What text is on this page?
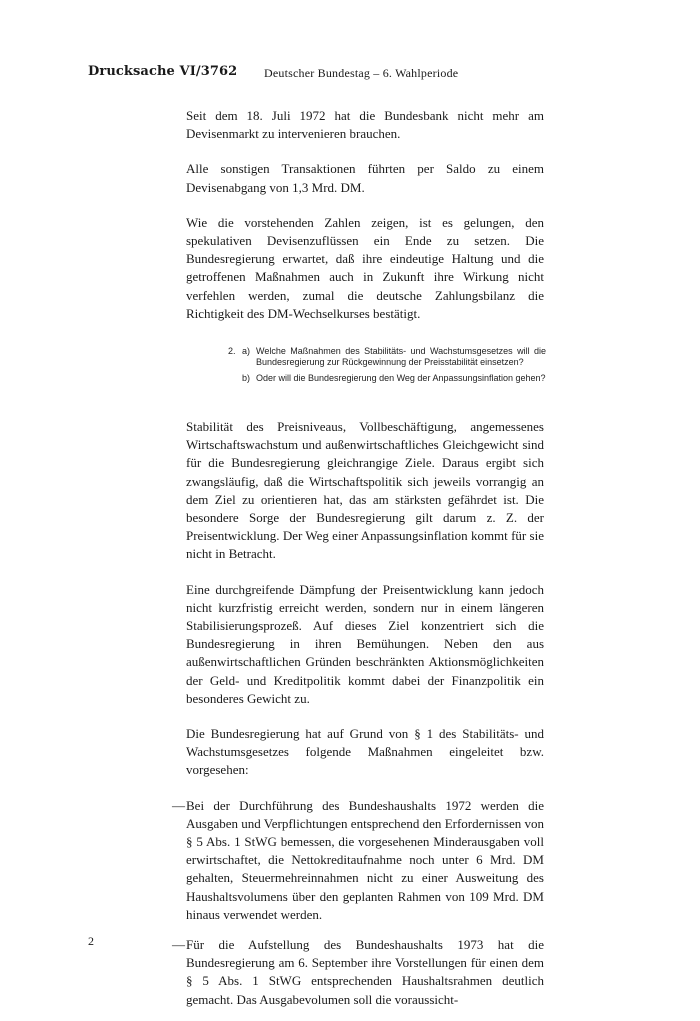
Drucksache VI/3762 Deutscher Bundestag – 6. Wahlperiode

Seit dem 18. Juli 1972 hat die Bundesbank nicht mehr am Devisenmarkt zu intervenieren brauchen.

Alle sonstigen Transaktionen führten per Saldo zu einem Devisenabgang von 1,3 Mrd. DM.

Wie die vorstehenden Zahlen zeigen, ist es gelungen, den spekulativen Devisenzuflüssen ein Ende zu setzen. Die Bundesregierung erwartet, daß ihre eindeutige Haltung und die getroffenen Maßnahmen auch in Zukunft ihre Wirkung nicht verfehlen werden, zumal die deutsche Zahlungsbilanz die Richtigkeit des DM-Wechselkurses bestätigt.

2. a) Welche Maßnahmen des Stabilitäts- und Wachstumsgesetzes will die Bundesregierung zur Rückgewinnung der Preisstabilität einsetzen?
b) Oder will die Bundesregierung den Weg der Anpassungsinflation gehen?

Stabilität des Preisniveaus, Vollbeschäftigung, angemessenes Wirtschaftswachstum und außenwirtschaftliches Gleichgewicht sind für die Bundesregierung gleichrangige Ziele. Daraus ergibt sich zwangsläufig, daß die Wirtschaftspolitik sich jeweils vorrangig an dem Ziel zu orientieren hat, das am stärksten gefährdet ist. Die besondere Sorge der Bundesregierung gilt darum z. Z. der Preisentwicklung. Der Weg einer Anpassungsinflation kommt für sie nicht in Betracht.

Eine durchgreifende Dämpfung der Preisentwicklung kann jedoch nicht kurzfristig erreicht werden, sondern nur in einem längeren Stabilisierungsprozeß. Auf dieses Ziel konzentriert sich die Bundesregierung in ihren Bemühungen. Neben den aus außenwirtschaftlichen Gründen beschränkten Aktionsmöglichkeiten der Geld- und Kreditpolitik kommt dabei der Finanzpolitik ein besonderes Gewicht zu.

Die Bundesregierung hat auf Grund von § 1 des Stabilitäts- und Wachstumsgesetzes folgende Maßnahmen eingeleitet bzw. vorgesehen:

— Bei der Durchführung des Bundeshaushalts 1972 werden die Ausgaben und Verpflichtungen entsprechend den Erfordernissen von § 5 Abs. 1 StWG bemessen, die vorgesehenen Minderausgaben voll erwirtschaftet, die Nettokreditaufnahme noch unter 6 Mrd. DM gehalten, Steuermehreinnahmen nicht zu einer Ausweitung des Haushaltsvolumens über den geplanten Rahmen von 109 Mrd. DM hinaus verwendet werden.
— Für die Aufstellung des Bundeshaushalts 1973 hat die Bundesregierung am 6. September ihre Vorstellungen für einen dem § 5 Abs. 1 StWG entsprechenden Haushaltsrahmen deutlich gemacht. Das Ausgabevolumen soll die voraussicht-
2
